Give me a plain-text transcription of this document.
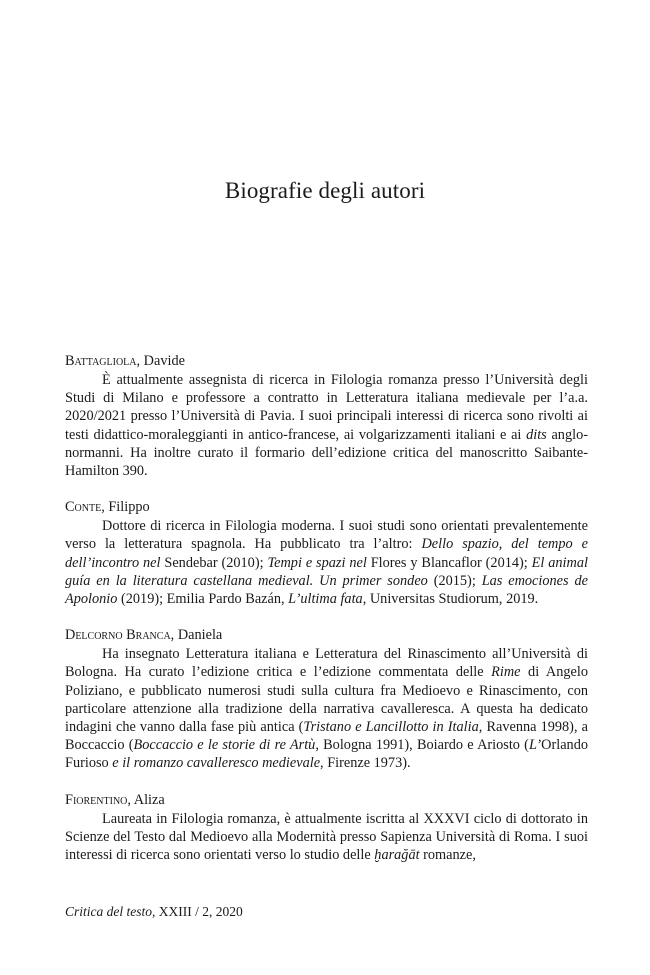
Biografie degli autori

Battagliola, Davide

È attualmente assegnista di ricerca in Filologia romanza presso l’Università degli Studi di Milano e professore a contratto in Letteratura italiana medievale per l’a.a. 2020/2021 presso l’Università di Pavia. I suoi principali interessi di ricerca sono rivolti ai testi didattico-moraleggianti in antico-francese, ai volgarizzamenti italiani e ai dits anglo-normanni. Ha inoltre curato il formario dell’edizione critica del manoscritto Saibante-Hamilton 390.

Conte, Filippo

Dottore di ricerca in Filologia moderna. I suoi studi sono orientati prevalentemente verso la letteratura spagnola. Ha pubblicato tra l’altro: Dello spazio, del tempo e dell’incontro nel Sendebar (2010); Tempi e spazi nel Flores y Blancaflor (2014); El animal guía en la literatura castellana medieval. Un primer sondeo (2015); Las emociones de Apolonio (2019); Emilia Pardo Bazán, L’ultima fata, Universitas Studiorum, 2019.

Delcorno Branca, Daniela

Ha insegnato Letteratura italiana e Letteratura del Rinascimento all’Università di Bologna. Ha curato l’edizione critica e l’edizione commentata delle Rime di Angelo Poliziano, e pubblicato numerosi studi sulla cultura fra Medioevo e Rinascimento, con particolare attenzione alla tradizione della narrativa cavalleresca. A questa ha dedicato indagini che vanno dalla fase più antica (Tristano e Lancillotto in Italia, Ravenna 1998), a Boccaccio (Boccaccio e le storie di re Artù, Bologna 1991), Boiardo e Ariosto (L’Orlando Furioso e il romanzo cavalleresco medievale, Firenze 1973).

Fiorentino, Aliza

Laureata in Filologia romanza, è attualmente iscritta al XXXVI ciclo di dottorato in Scienze del Testo dal Medioevo alla Modernità presso Sapienza Università di Roma. I suoi interessi di ricerca sono orientati verso lo studio delle ḫarağāt romanze,

Critica del testo, XXIII / 2, 2020
